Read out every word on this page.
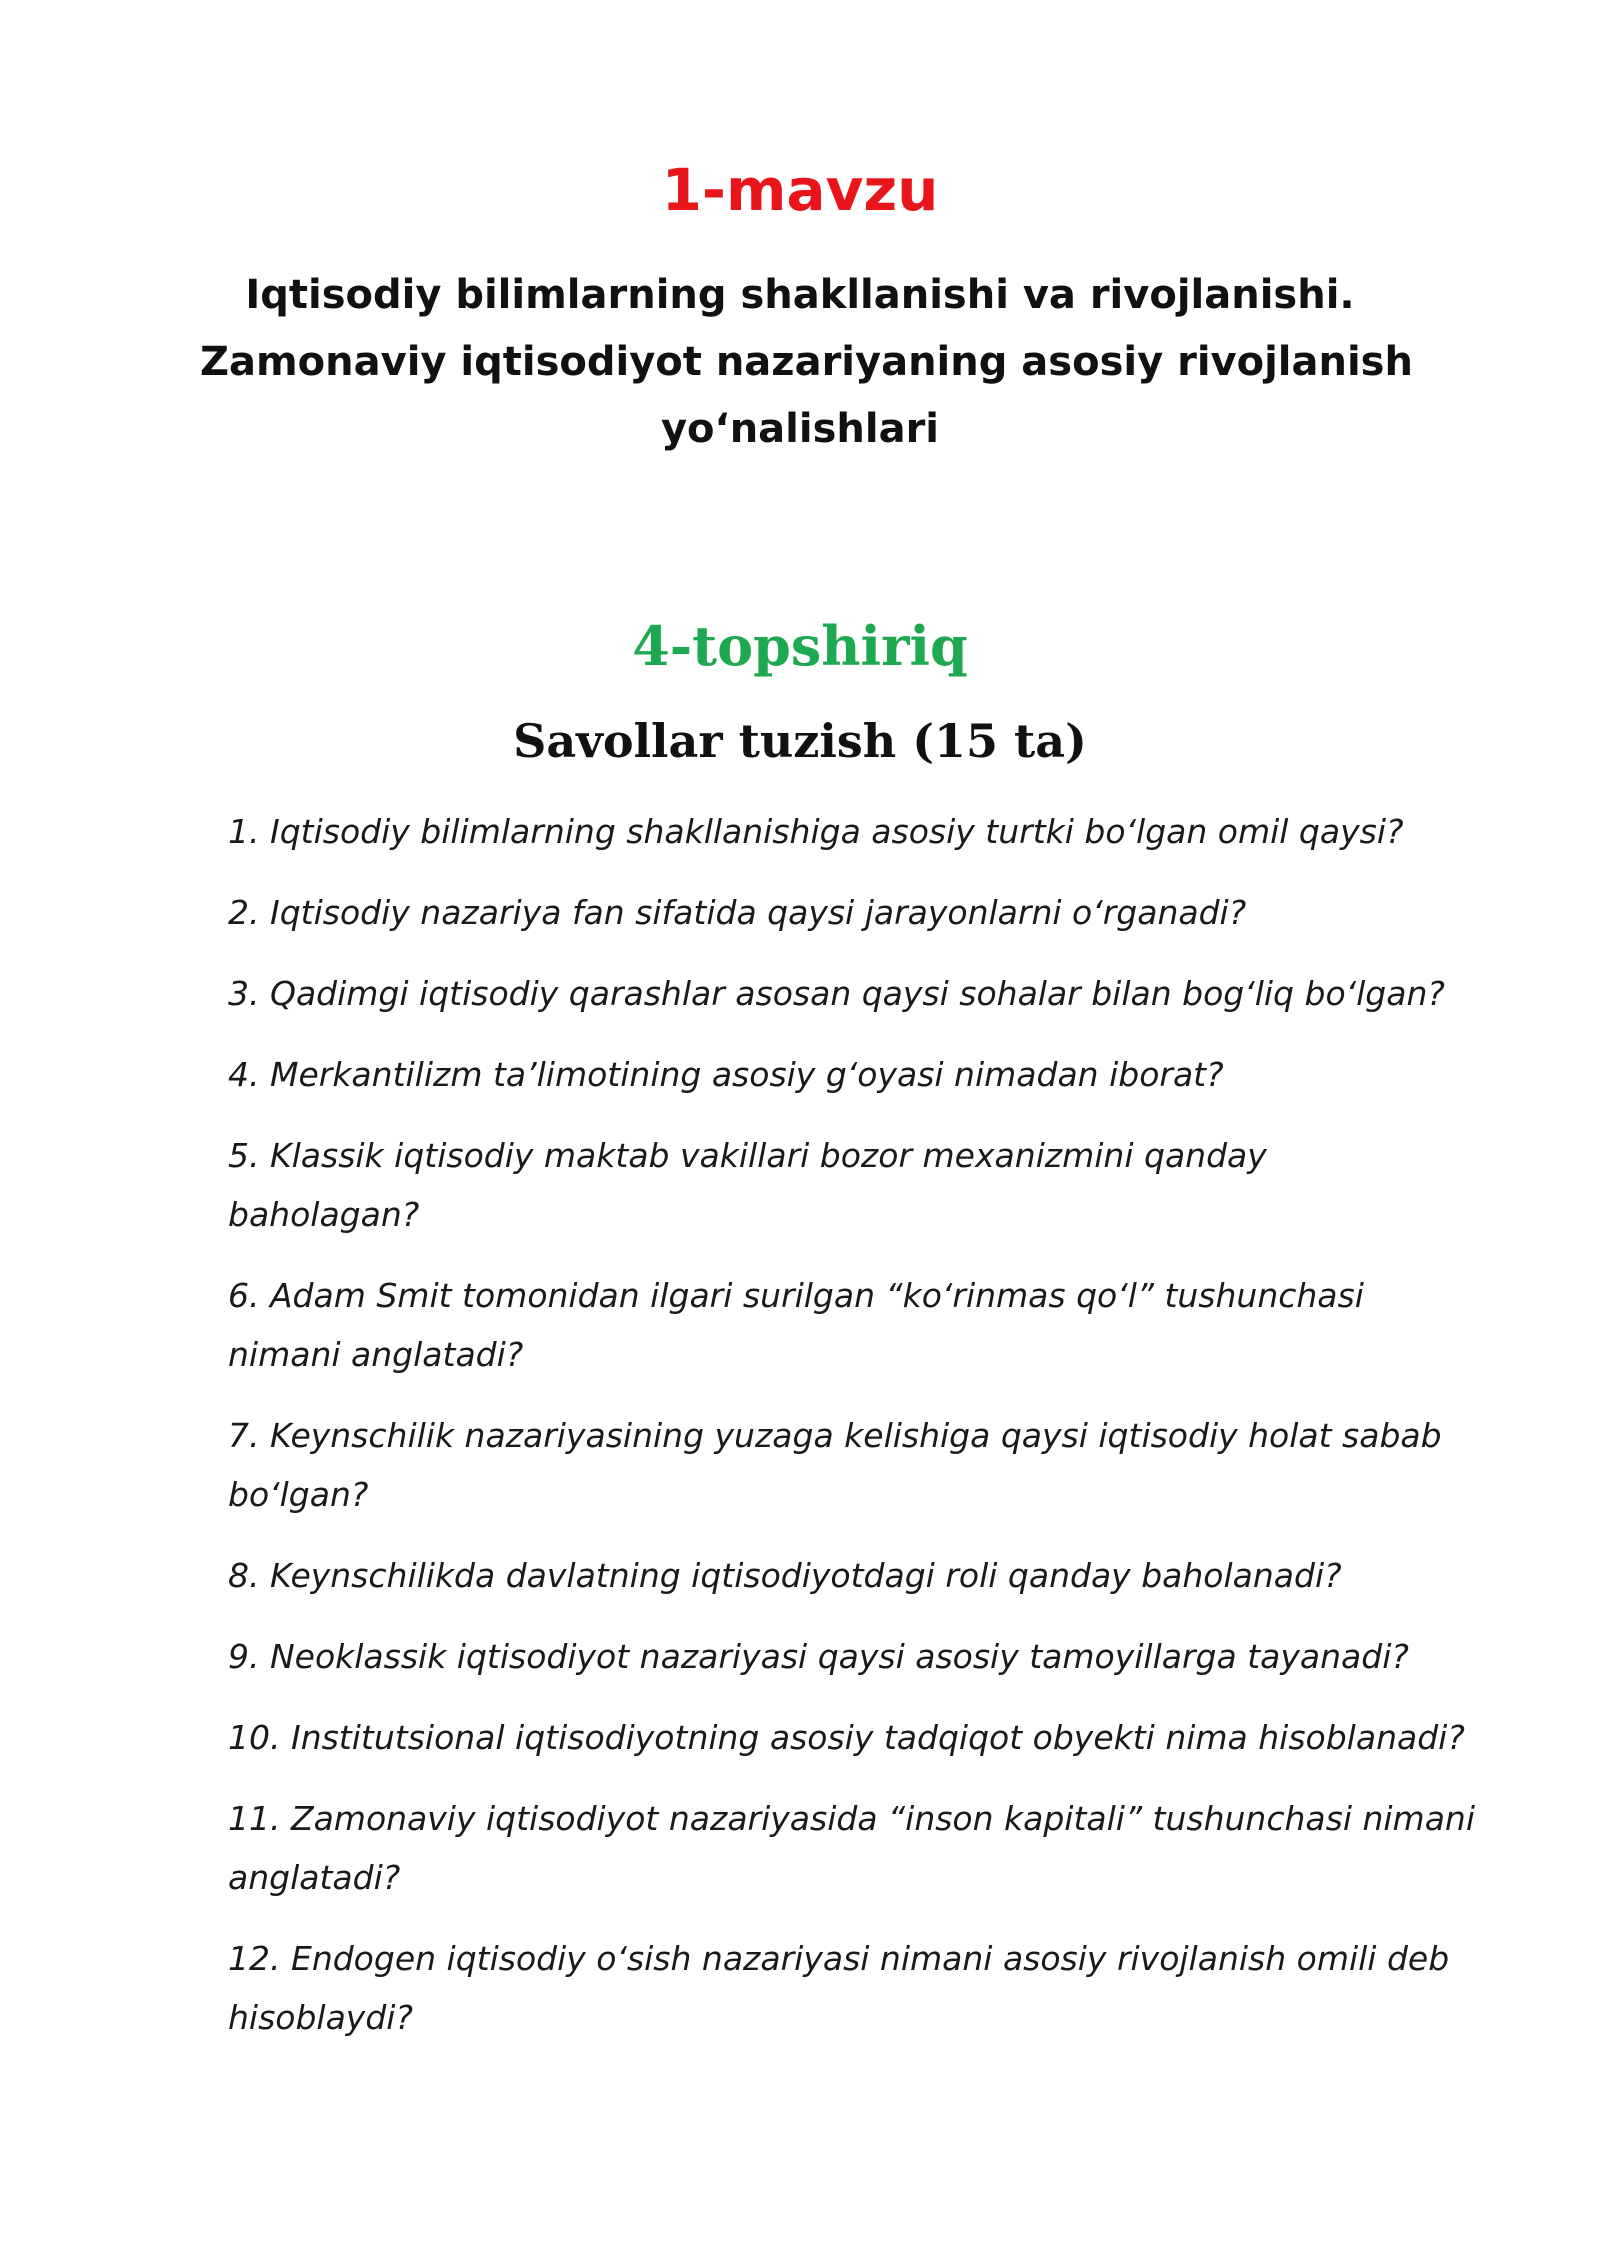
1-mavzu
Iqtisodiy bilimlarning shakllanishi va rivojlanishi.
Zamonaviy iqtisodiyot nazariyaning asosiy rivojlanish
yo‘nalishlari
4-topshiriq
Savollar tuzish (15 ta)
1. Iqtisodiy bilimlarning shakllanishiga asosiy turtki bo‘lgan omil qaysi?
2. Iqtisodiy nazariya fan sifatida qaysi jarayonlarni o‘rganadi?
3. Qadimgi iqtisodiy qarashlar asosan qaysi sohalar bilan bog‘liq bo‘lgan?
4. Merkantilizm ta’limotining asosiy g‘oyasi nimadan iborat?
5. Klassik iqtisodiy maktab vakillari bozor mexanizmini qanday
baholagan?
6. Adam Smit tomonidan ilgari surilgan “ko‘rinmas qo‘l” tushunchasi
nimani anglatadi?
7. Keynschilik nazariyasining yuzaga kelishiga qaysi iqtisodiy holat sabab
bo‘lgan?
8. Keynschilikda davlatning iqtisodiyotdagi roli qanday baholanadi?
9. Neoklassik iqtisodiyot nazariyasi qaysi asosiy tamoyillarga tayanadi?
10. Institutsional iqtisodiyotning asosiy tadqiqot obyekti nima hisoblanadi?
11. Zamonaviy iqtisodiyot nazariyasida “inson kapitali” tushunchasi nimani
anglatadi?
12. Endogen iqtisodiy o‘sish nazariyasi nimani asosiy rivojlanish omili deb
hisoblaydi?
